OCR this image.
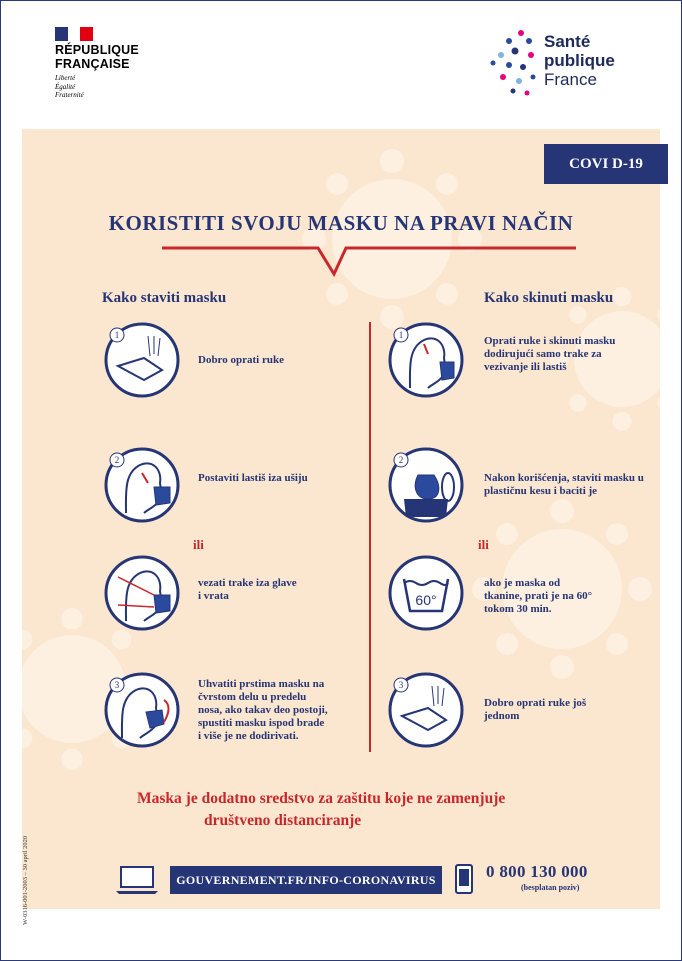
RÉPUBLIQUE
FRANÇAISE
Liberté
Égalité
Fraternité
Santé
publique
France
COVI D-19
KORISTITI SVOJU MASKU NA PRAVI NAČIN
Kako staviti masku	Kako skinuti masku
1
Dobro oprati ruke
2
Postaviti lastiš iza ušiju
ili
vezati trake iza glave i vrata
3	Uhvatiti prstima masku na čvrstom delu u predelu nosa, ako takav deo postoji, spustiti masku ispod brade i više je ne dodirivati.
1	Oprati ruke i skinuti masku dodirujući samo trake za vezivanje ili lastiš
2
Nakon korišćenja, staviti masku u plastičnu kesu i baciti je
ili
60°
ako je maska od tkanine, prati je na 60° tokom 30 min.
3
Dobro oprati ruke još jednom
Maska je dodatno sredstvo za zaštitu koje ne zamenjuje
društveno distanciranje
GOUVERNEMENT.FR/INFO-CORONAVIRUS	0 800 130 000
(besplatan poziv)
W-0316-001-2003 – 30 april 2020
